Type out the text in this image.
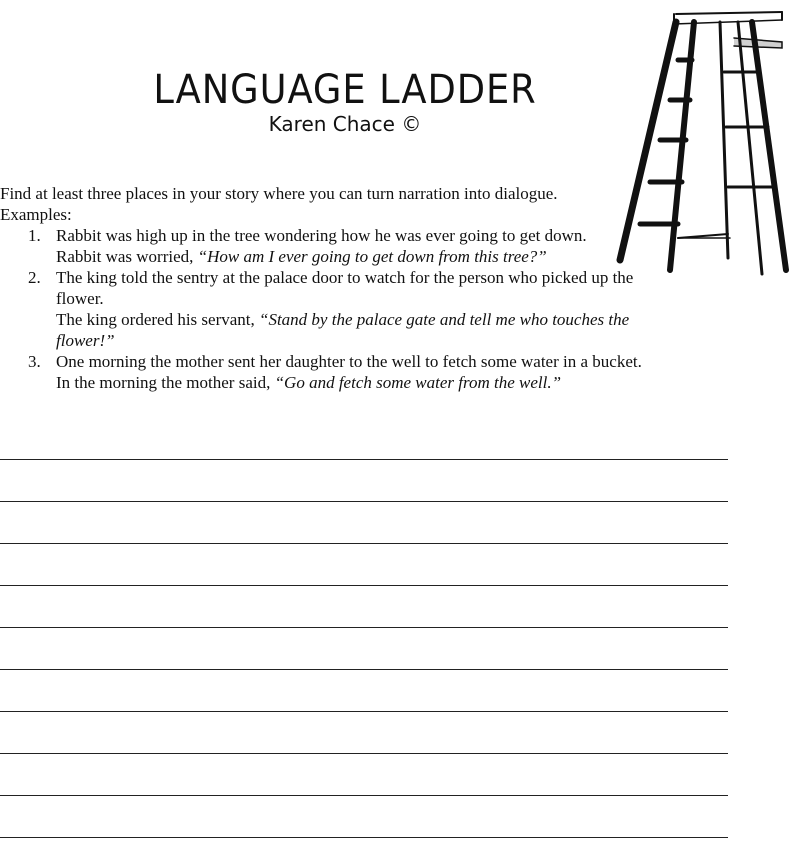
LANGUAGE LADDER
Karen Chace ©
Find at least three places in your story where you can turn narration into dialogue.
Examples:
1. Rabbit was high up in the tree wondering how he was ever going to get down.

Rabbit was worried, “How am I ever going to get down from this tree?”

2. The king told the sentry at the palace door to watch for the person who picked up the flower.

The king ordered his servant, “Stand by the palace gate and tell me who touches the flower!”

3. One morning the mother sent her daughter to the well to fetch some water in a bucket.

In the morning the mother said, “Go and fetch some water from the well.”
